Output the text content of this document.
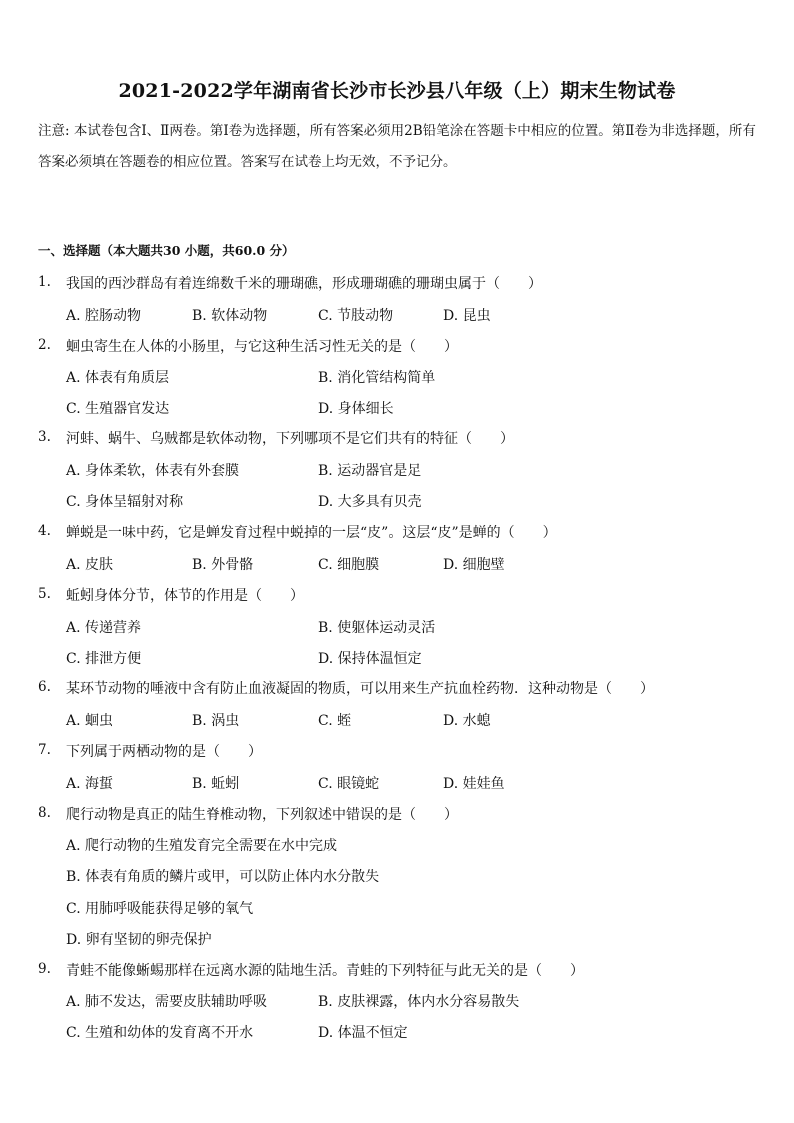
2021-2022学年湖南省长沙市长沙县八年级（上）期末生物试卷
注意: 本试卷包含Ⅰ、Ⅱ两卷。第Ⅰ卷为选择题，所有答案必须用2B铅笔涂在答题卡中相应的位置。第Ⅱ卷为非选择题，所有答案必须填在答题卷的相应位置。答案写在试卷上均无效，不予记分。
一、选择题（本大题共30 小题，共60.0 分）
1. 我国的西沙群岛有着连绵数千米的珊瑚礁，形成珊瑚礁的珊瑚虫属于（　　）
A. 腔肠动物	B. 软体动物	C. 节肢动物	D. 昆虫
2. 蛔虫寄生在人体的小肠里，与它这种生活习性无关的是（　　）
A. 体表有角质层	B. 消化管结构简单
C. 生殖器官发达	D. 身体细长
3. 河蚌、蜗牛、乌贼都是软体动物，下列哪项不是它们共有的特征（　　）
A. 身体柔软，体表有外套膜	B. 运动器官是足
C. 身体呈辐射对称	D. 大多具有贝壳
4. 蝉蜕是一味中药，它是蝉发育过程中蜕掉的一层“皮”。这层“皮”是蝉的（　　）
A. 皮肤	B. 外骨骼	C. 细胞膜	D. 细胞壁
5. 蚯蚓身体分节，体节的作用是（　　）
A. 传递营养	B. 使躯体运动灵活
C. 排泄方便	D. 保持体温恒定
6. 某环节动物的唾液中含有防止血液凝固的物质，可以用来生产抗血栓药物．这种动物是（　　）
A. 蛔虫	B. 涡虫	C. 蛭	D. 水螅
7. 下列属于两栖动物的是（　　）
A. 海蜇	B. 蚯蚓	C. 眼镜蛇	D. 娃娃鱼
8. 爬行动物是真正的陆生脊椎动物，下列叙述中错误的是（　　）
A. 爬行动物的生殖发育完全需要在水中完成
B. 体表有角质的鳞片或甲，可以防止体内水分散失
C. 用肺呼吸能获得足够的氧气
D. 卵有坚韧的卵壳保护
9. 青蛙不能像蜥蜴那样在远离水源的陆地生活。青蛙的下列特征与此无关的是（　　）
A. 肺不发达，需要皮肤辅助呼吸	B. 皮肤裸露，体内水分容易散失
C. 生殖和幼体的发育离不开水	D. 体温不恒定
